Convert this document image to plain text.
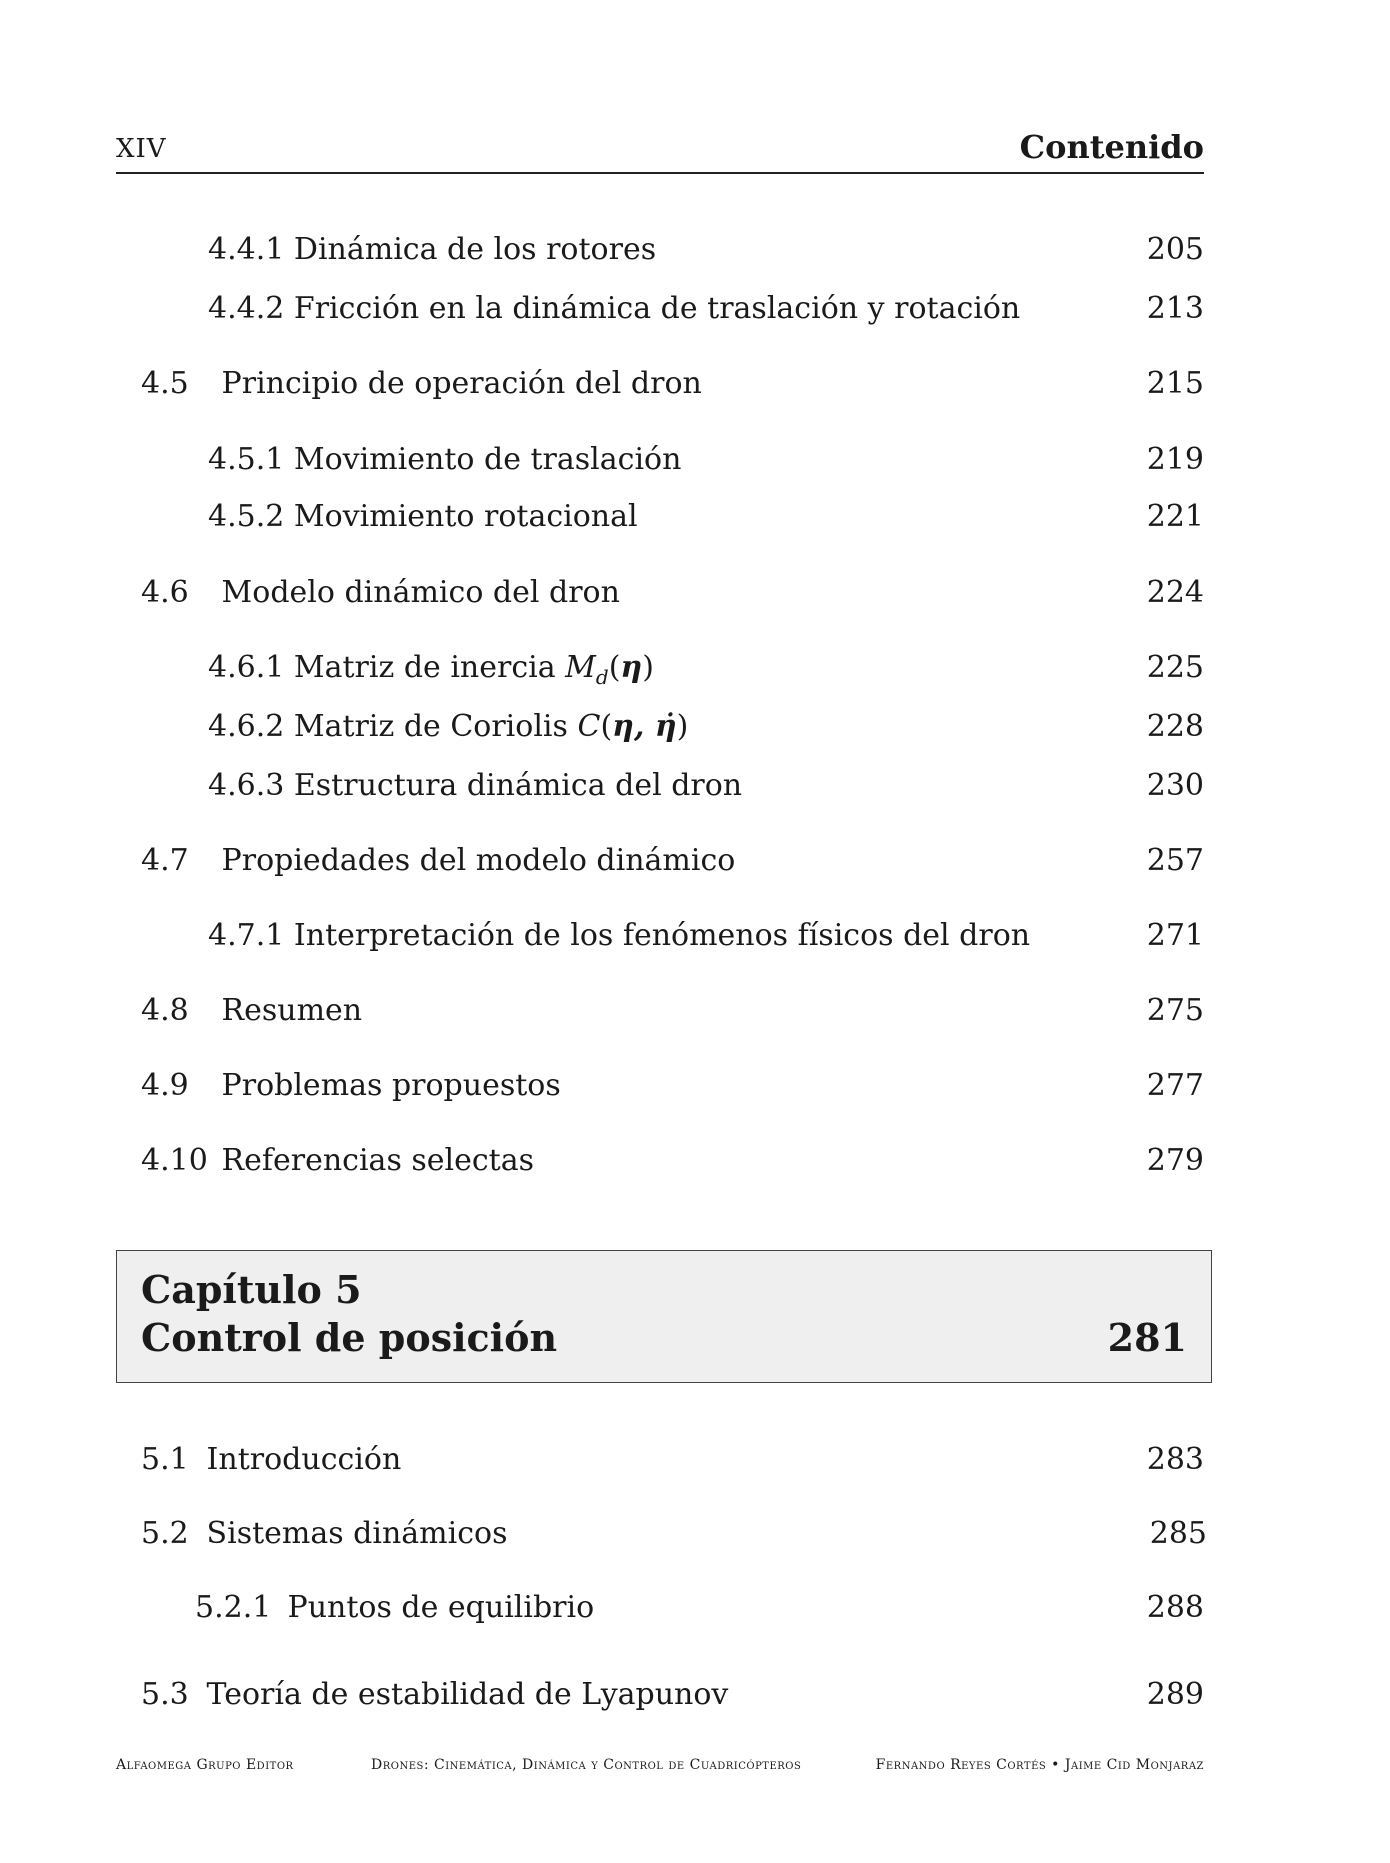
XIV	Contenido
4.4.1 Dinámica de los rotores	205
4.4.2 Fricción en la dinámica de traslación y rotación	213
4.5 Principio de operación del dron	215
4.5.1 Movimiento de traslación	219
4.5.2 Movimiento rotacional	221
4.6 Modelo dinámico del dron	224
4.6.1 Matriz de inercia $M_d(\eta)$	225
4.6.2 Matriz de Coriolis C(η, η̇)	228
4.6.3 Estructura dinámica del dron	230
4.7 Propiedades del modelo dinámico	257
4.7.1 Interpretación de los fenómenos físicos del dron	271
4.8 Resumen	275
4.9 Problemas propuestos	277
4.10 Referencias selectas	279
Capítulo 5
Control de posición	281
5.1 Introducción	283
5.2 Sistemas dinámicos	285
5.2.1 Puntos de equilibrio	288
5.3 Teoría de estabilidad de Lyapunov	289
Alfaomega Grupo Editor	Drones: Cinemática, Dinámica y Control de Cuadricópteros	Fernando Reyes Cortés • Jaime Cid Monjaraz
